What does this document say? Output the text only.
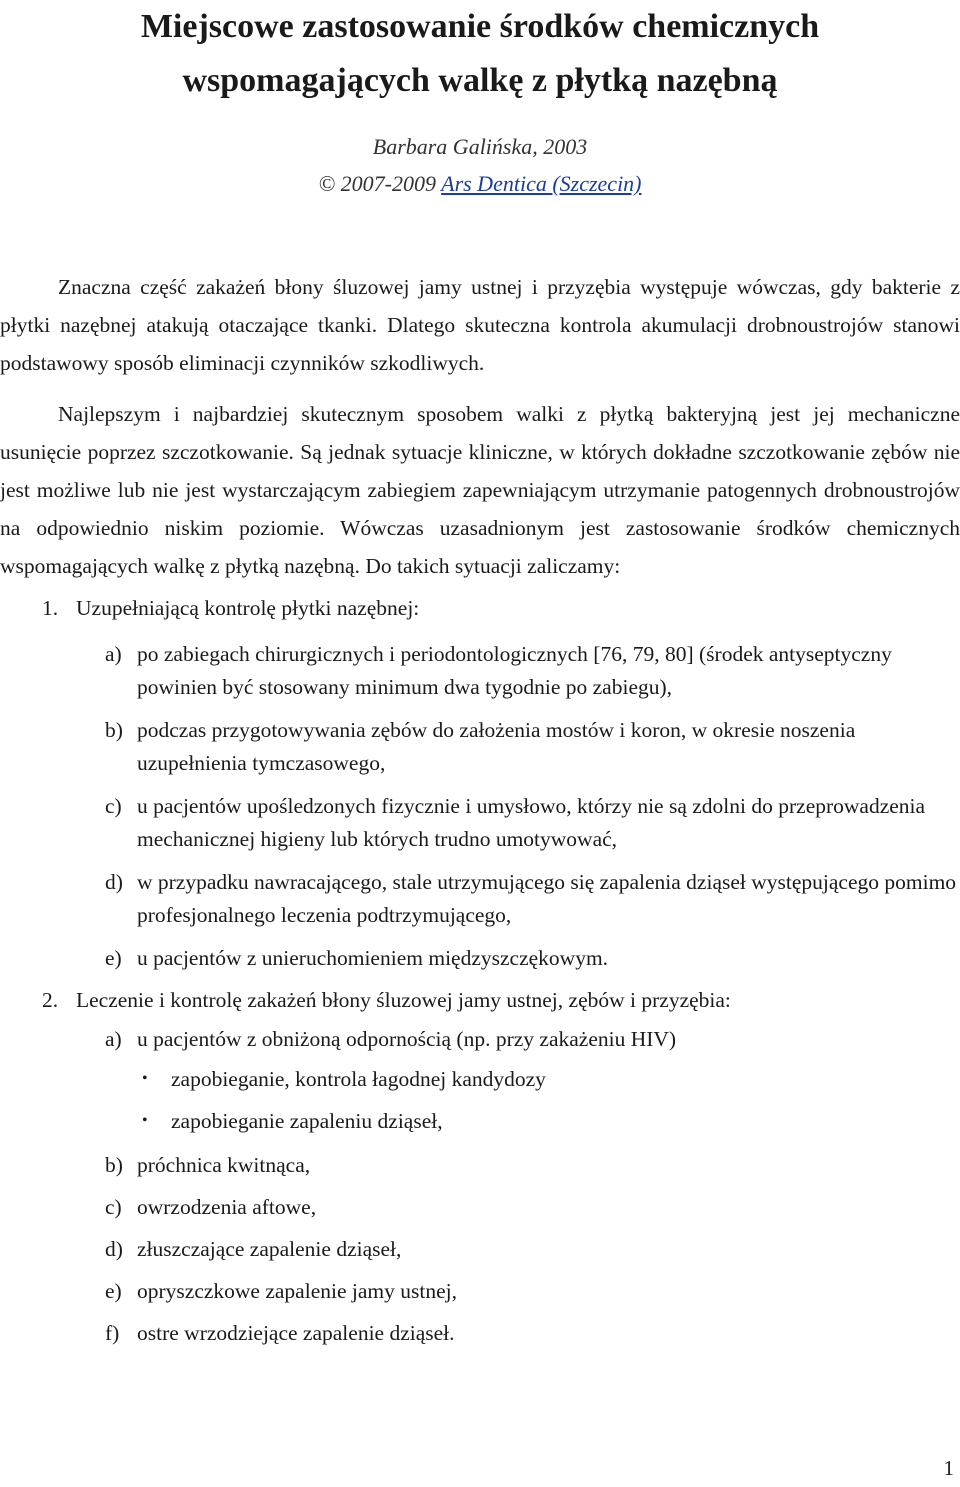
Miejscowe zastosowanie środków chemicznych
wspomagających walkę z płytką nazębną
Barbara Galińska, 2003
© 2007-2009 Ars Dentica (Szczecin)

Znaczna część zakażeń błony śluzowej jamy ustnej i przyzębia występuje wówczas, gdy bakterie z płytki nazębnej atakują otaczające tkanki. Dlatego skuteczna kontrola akumulacji drobnoustrojów stanowi podstawowy sposób eliminacji czynników szkodliwych.

Najlepszym i najbardziej skutecznym sposobem walki z płytką bakteryjną jest jej mechaniczne usunięcie poprzez szczotkowanie. Są jednak sytuacje kliniczne, w których dokładne szczotkowanie zębów nie jest możliwe lub nie jest wystarczającym zabiegiem zapewniającym utrzymanie patogennych drobnoustrojów na odpowiednio niskim poziomie. Wówczas uzasadnionym jest zastosowanie środków chemicznych wspomagających walkę z płytką nazębną. Do takich sytuacji zaliczamy:

1. Uzupełniającą kontrolę płytki nazębnej:
a) po zabiegach chirurgicznych i periodontologicznych [76, 79, 80] (środek antyseptyczny powinien być stosowany minimum dwa tygodnie po zabiegu),
b) podczas przygotowywania zębów do założenia mostów i koron, w okresie noszenia uzupełnienia tymczasowego,
c) u pacjentów upośledzonych fizycznie i umysłowo, którzy nie są zdolni do przeprowadzenia mechanicznej higieny lub których trudno umotywować,
d) w przypadku nawracającego, stale utrzymującego się zapalenia dziąseł występującego pomimo profesjonalnego leczenia podtrzymującego,
e) u pacjentów z unieruchomieniem międzyszczękowym.
2. Leczenie i kontrolę zakażeń błony śluzowej jamy ustnej, zębów i przyzębia:
a) u pacjentów z obniżoną odpornością (np. przy zakażeniu HIV)
• zapobieganie, kontrola łagodnej kandydozy
• zapobieganie zapaleniu dziąseł,
b) próchnica kwitnąca,
c) owrzodzenia aftowe,
d) złuszczające zapalenie dziąseł,
e) opryszczkowe zapalenie jamy ustnej,
f) ostre wrzodziejące zapalenie dziąseł.
1
